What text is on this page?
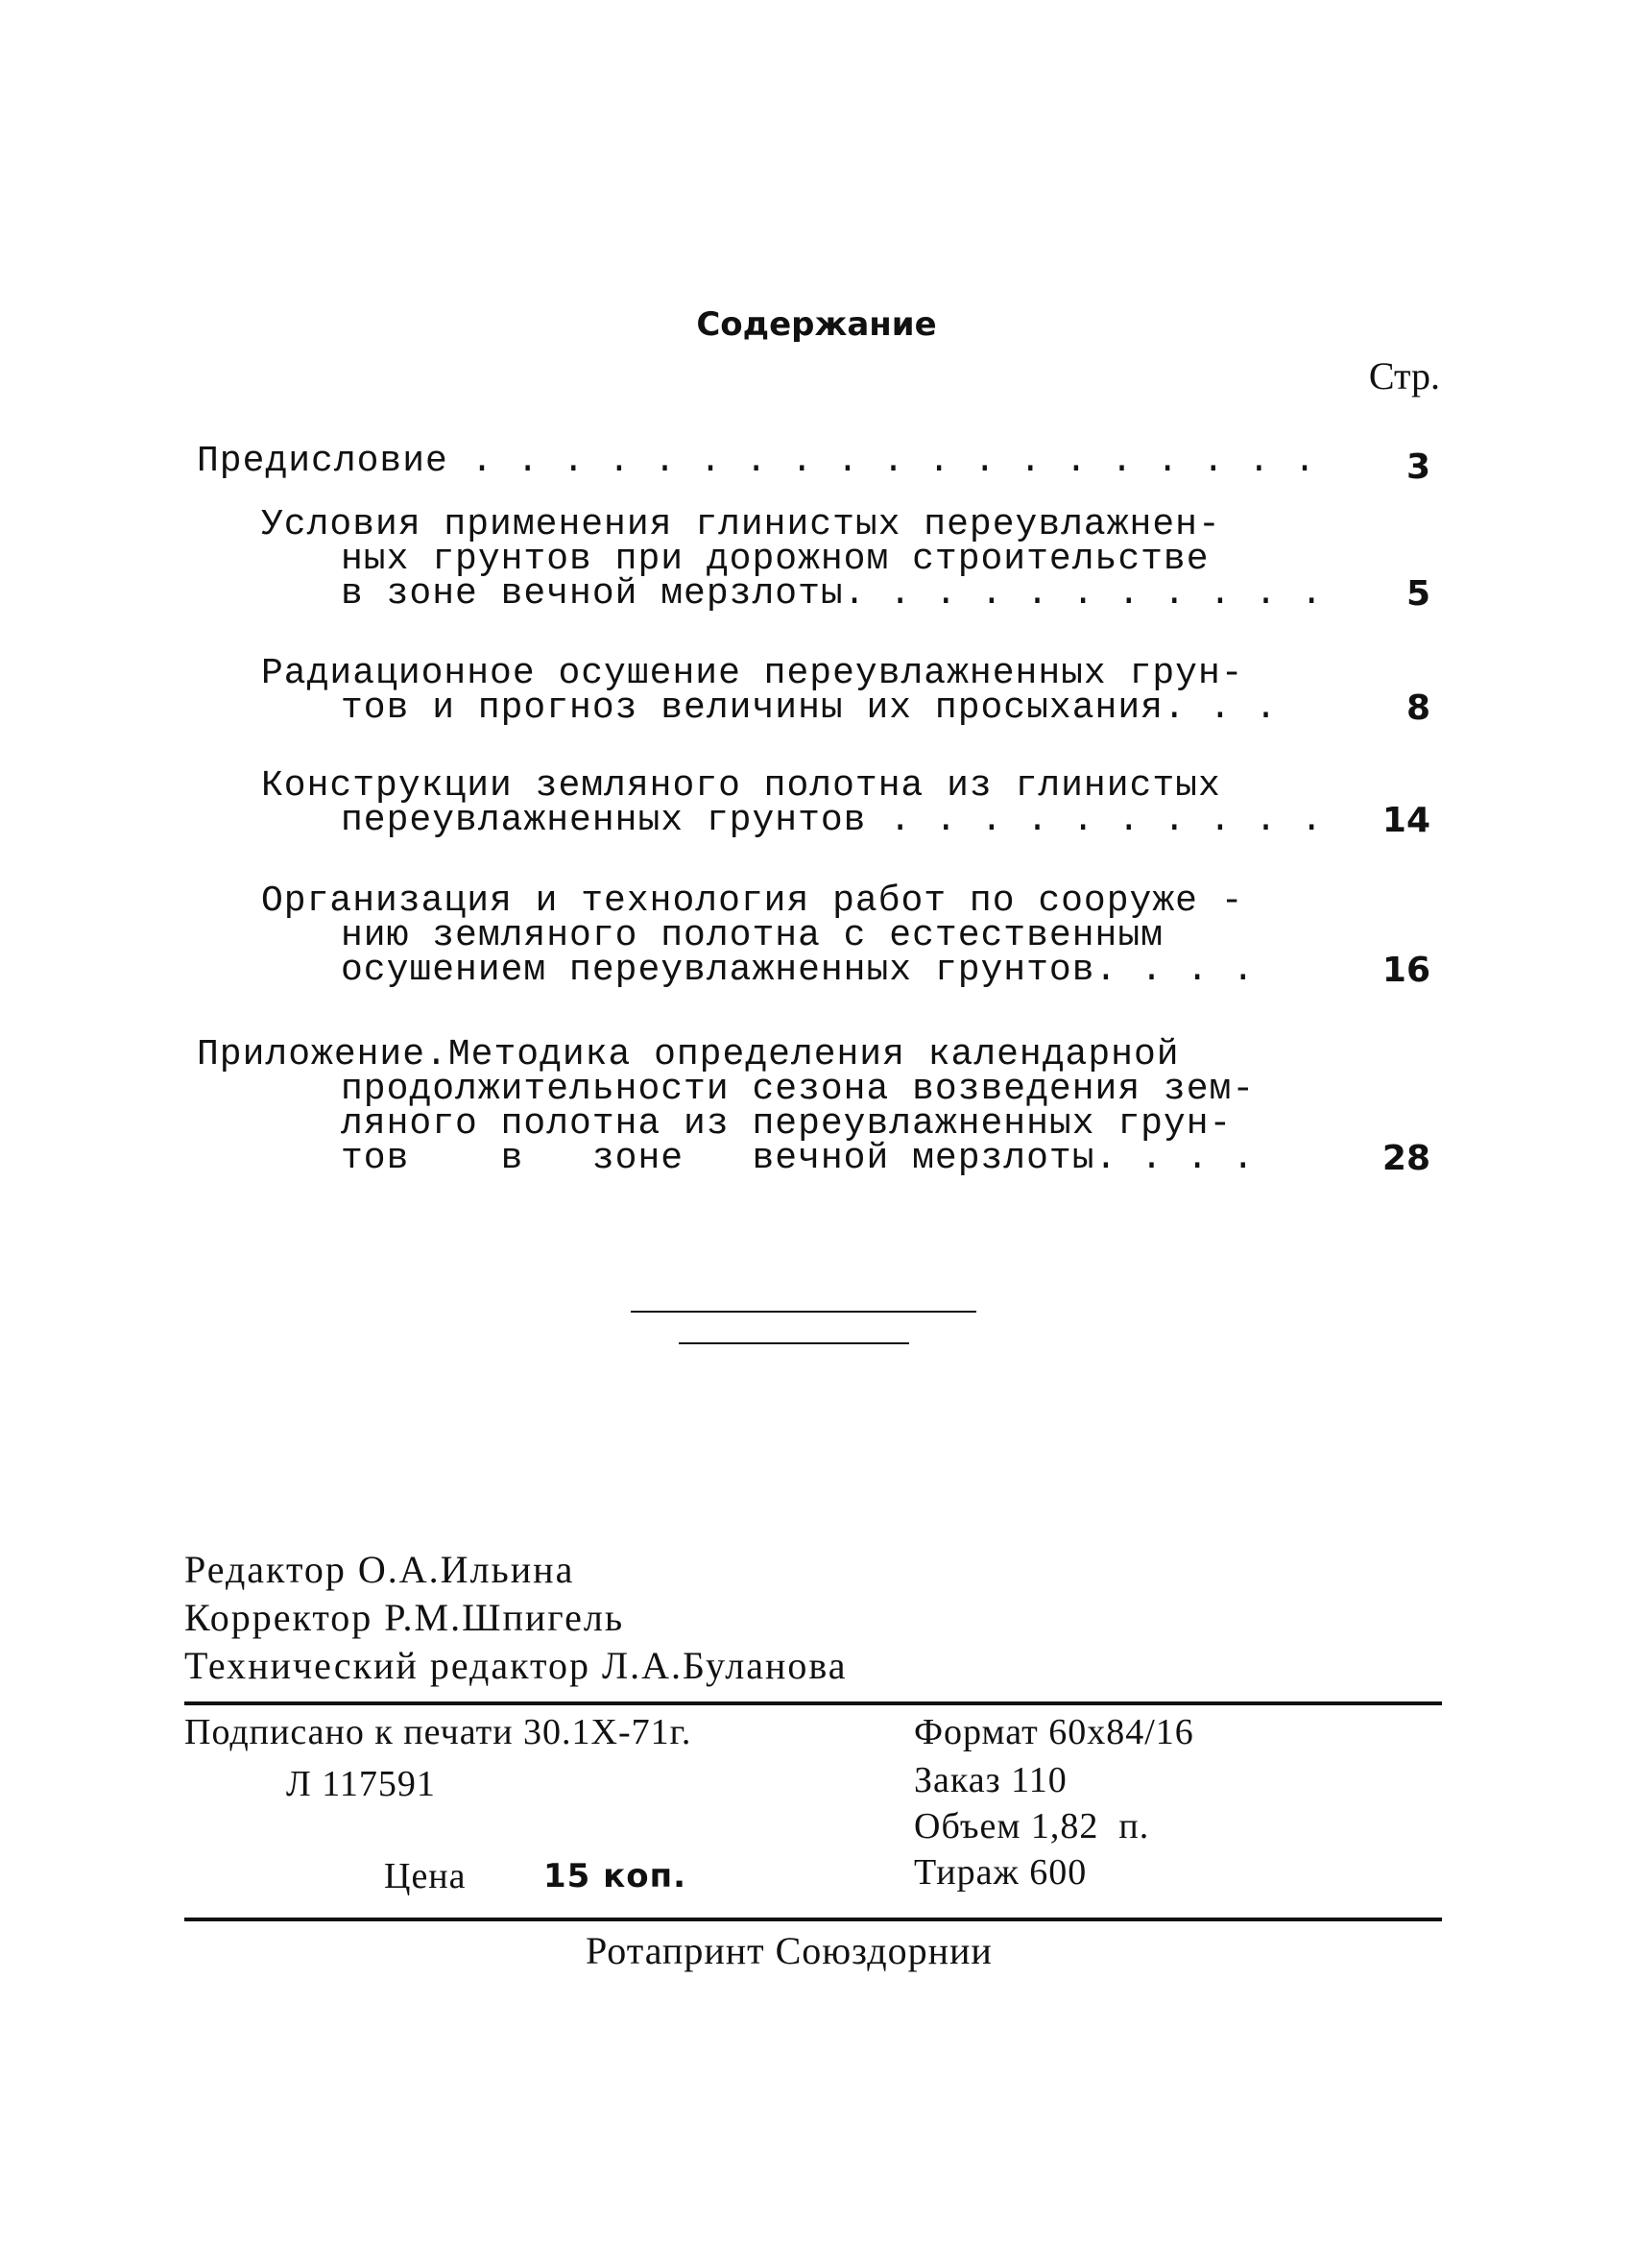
Содержание
Стр.
Предисловие . . . . . . . . . . . . . . . . . . .	3
Условия применения глинистых переувлажнен-
ных грунтов при дорожном строительстве
в зоне вечной мерзлоты. . . . . . . . . . .	5
Радиационное осушение переувлажненных грун-
тов и прогноз величины их просыхания. . .	8
Конструкции земляного полотна из глинистых
переувлажненных грунтов . . . . . . . . . .	14
Организация и технология работ по сооруже -
нию земляного полотна с естественным
осушением переувлажненных грунтов. . . .	16
Приложение.Методика определения календарной
продолжительности сезона возведения зем-
ляного полотна из переувлажненных грун-
тов    в   зоне   вечной мерзлоты. . . .	28
Редактор О.А.Ильина
Корректор Р.М.Шпигель
Технический редактор Л.А.Буланова
Подписано к печати 30.1Х-71г.
Л 117591
Цена 15 коп.
Формат 60х84/16
Заказ 110
Объем 1,82  п.
Тираж 600
Ротапринт Союздорнии
